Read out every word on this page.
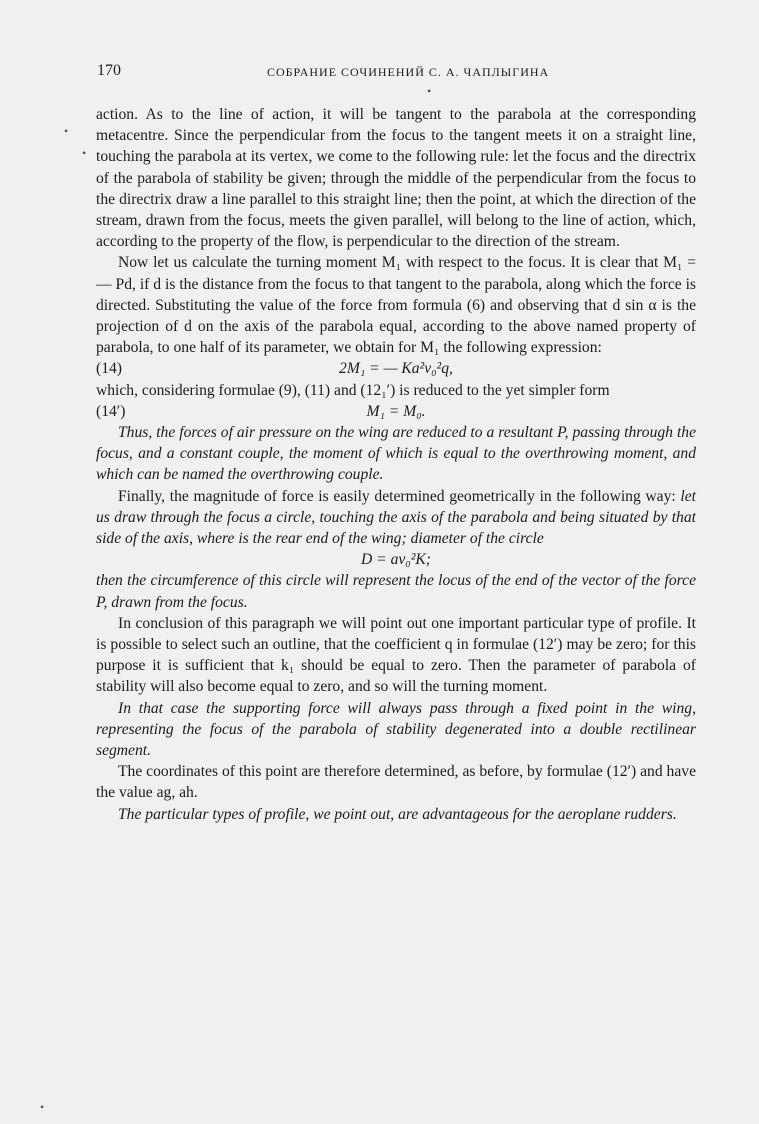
170	СОБРАНИЕ СОЧИНЕНИЙ С. А. ЧАПЛЫГИНА
•
•
•
•

action. As to the line of action, it will be tangent to the parabola at the corresponding metacentre. Since the perpendicular from the focus to the tangent meets it on a straight line, touching the parabola at its vertex, we come to the following rule: let the focus and the directrix of the parabola of stability be given; through the middle of the perpendicular from the focus to the directrix draw a line parallel to this straight line; then the point, at which the direction of the stream, drawn from the focus, meets the given parallel, will belong to the line of action, which, according to the property of the flow, is perpendicular to the direction of the stream.

Now let us calculate the turning moment M₁ with respect to the focus. It is clear that M₁ = — Pd, if d is the distance from the focus to that tangent to the parabola, along which the force is directed. Substituting the value of the force from formula (6) and observing that d sin α is the projection of d on the axis of the parabola equal, according to the above named property of parabola, to one half of its parameter, we obtain for M₁ the following expression:

(14)	2M₁ = — Ka²v₀²q,

which, considering formulae (9), (11) and (12₁′) is reduced to the yet simpler form

(14′)	M₁ = M₀.

Thus, the forces of air pressure on the wing are reduced to a resultant P, passing through the focus, and a constant couple, the moment of which is equal to the overthrowing moment, and which can be named the overthrowing couple.

Finally, the magnitude of force is easily determined geometrically in the following way: let us draw through the focus a circle, touching the axis of the parabola and being situated by that side of the axis, where is the rear end of the wing; diameter of the circle

D = av₀²K;

then the circumference of this circle will represent the locus of the end of the vector of the force P, drawn from the focus.

In conclusion of this paragraph we will point out one important particular type of profile. It is possible to select such an outline, that the coefficient q in formulae (12′) may be zero; for this purpose it is sufficient that k₁ should be equal to zero. Then the parameter of parabola of stability will also become equal to zero, and so will the turning moment.

In that case the supporting force will always pass through a fixed point in the wing, representing the focus of the parabola of stability degenerated into a double rectilinear segment.

The coordinates of this point are therefore determined, as before, by formulae (12′) and have the value ag, ah.

The particular types of profile, we point out, are advantageous for the aeroplane rudders.
